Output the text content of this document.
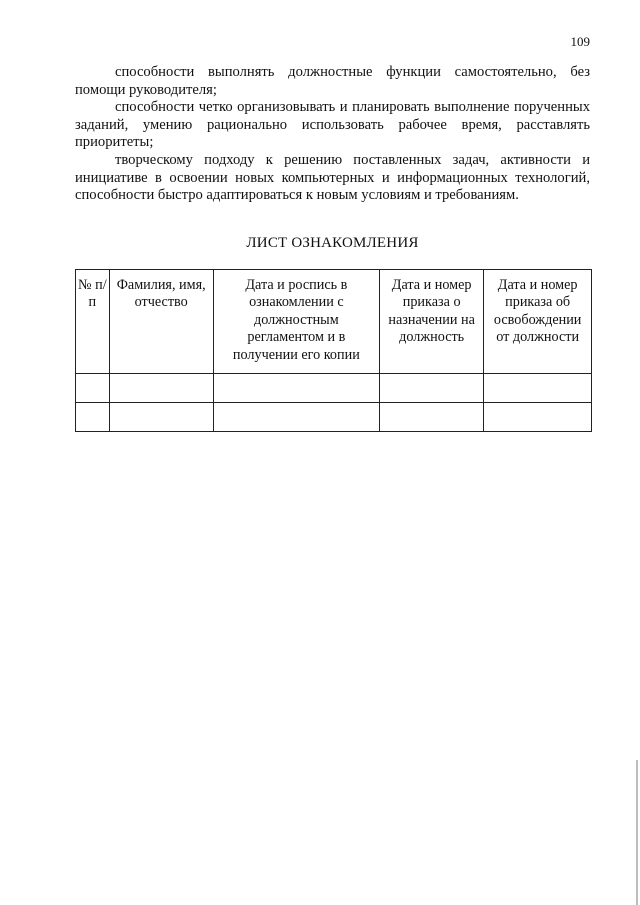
109

способности выполнять должностные функции самостоятельно, без помощи руководителя;

способности четко организовывать и планировать выполнение порученных заданий, умению рационально использовать рабочее время, расставлять приоритеты;

творческому подходу к решению поставленных задач, активности и инициативе в освоении новых компьютерных и информационных технологий, способности быстро адаптироваться к новым условиям и требованиям.

ЛИСТ ОЗНАКОМЛЕНИЯ
№ п/п	Фамилия, имя, отчество	Дата и роспись в ознакомлении с должностным регламентом и в получении его копии	Дата и номер приказа о назначении на должность	Дата и номер приказа об освобождении от должности
